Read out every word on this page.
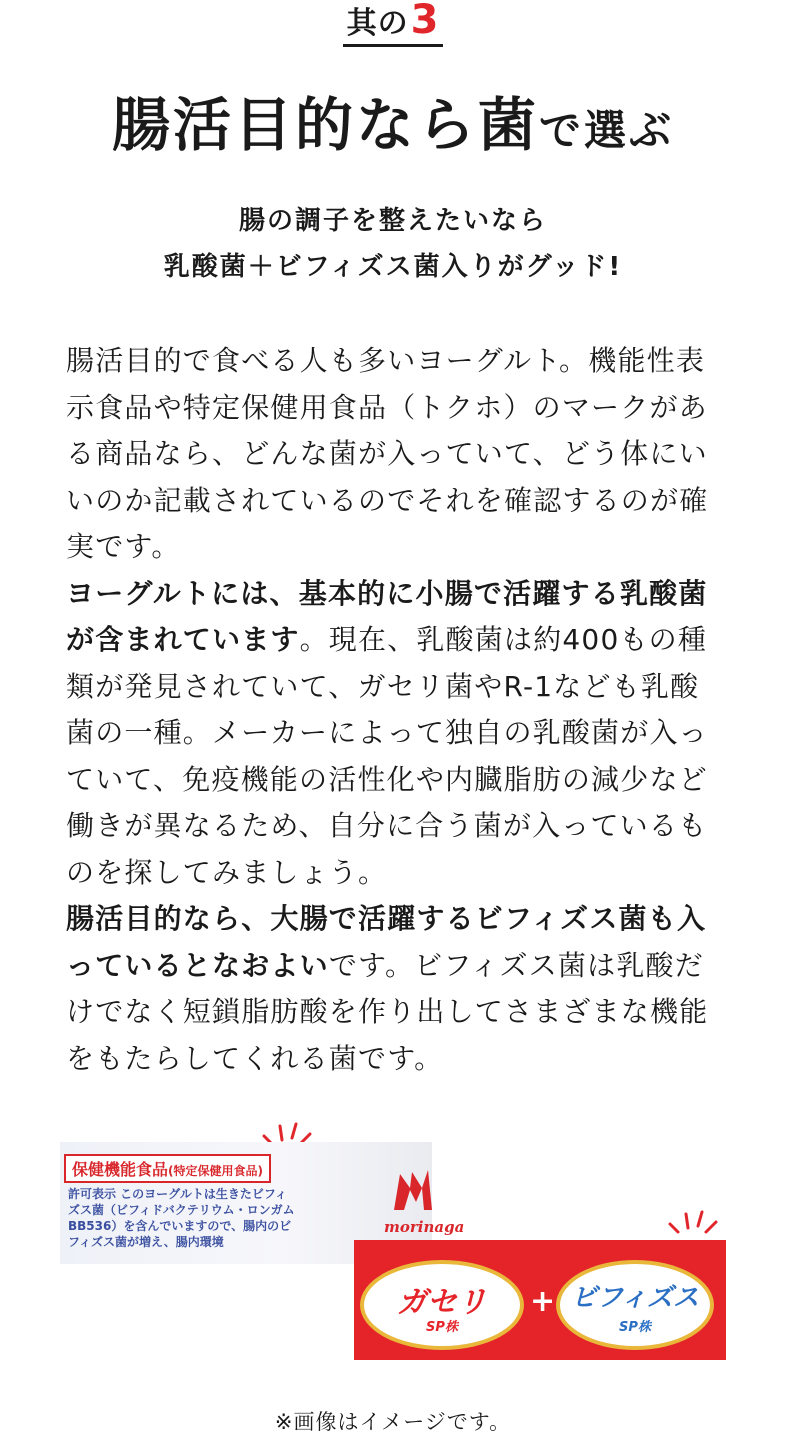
其の3
腸活目的なら菌で選ぶ
腸の調子を整えたいなら
乳酸菌＋ビフィズス菌入りがグッド!

腸活目的で食べる人も多いヨーグルト。機能性表示食品や特定保健用食品（トクホ）のマークがある商品なら、どんな菌が入っていて、どう体にいいのか記載されているのでそれを確認するのが確実です。

ヨーグルトには、基本的に小腸で活躍する乳酸菌が含まれています。現在、乳酸菌は約400もの種類が発見されていて、ガセリ菌やR-1なども乳酸菌の一種。メーカーによって独自の乳酸菌が入っていて、免疫機能の活性化や内臓脂肪の減少など働きが異なるため、自分に合う菌が入っているものを探してみましょう。

腸活目的なら、大腸で活躍するビフィズス菌も入っているとなおよいです。ビフィズス菌は乳酸だけでなく短鎖脂肪酸を作り出してさまざまな機能をもたらしてくれる菌です。

保健機能食品(特定保健用食品)
許可表示 このヨーグルトは生きたビフィズス菌（ビフィドバクテリウム・ロンガムBB536）を含んでいますので、腸内のビフィズス菌が増え、腸内環境
morinaga
ガセリ
SP株
+ ビフィズス
SP株
※画像はイメージです。
